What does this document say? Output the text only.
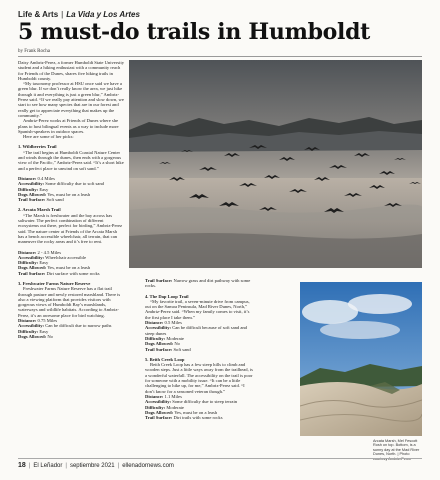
Life & Arts | La Vida y Los Artes
5 must-do trails in Humboldt
by Frank Rocha

Daisy Ambriz-Perez, a former Humboldt State University student and a hiking enthusiast with a community reach for Friends of the Dunes, shares five hiking trails in Humboldt county.

“My taxonomy professor at HSU once said we have a green blur. If we don’t really know the area, we just hike through it and everything is just a green blur,” Ambriz-Perez said. “If we really pay attention and slow down, we start to see how many species that are in our forest and really get to appreciate everything that makes up the community.”

Ambriz-Perez works at Friends of Dunes where she plans to host bilingual events as a way to include more Spanish-speakers in outdoor spaces.

Here are some of her picks:

1. Wildberries Trail

“The trail begins at Humboldt Coastal Nature Center and winds through the dunes, then ends with a gorgeous view of the Pacific,” Ambriz-Perez said. “It’s a short hike and a perfect place to unwind on soft sand.”

Distance: 0.4 Miles

Accessibility: Some difficulty due to soft sand

Difficulty: Easy

Dogs Allowed: Yes, must be on a leash

Trail Surface: Soft sand

2. Arcata Marsh Trail

“The Marsh is freshwater and the bay across has saltwater. The perfect combination of different ecosystems out there, perfect for birding,” Ambriz-Perez said. The nature center at Friends of the Arcata Marsh has a bench accessible wheelchair, all terrain, that can maneuver the rocky areas and it’s free to rent.

Distance: 2 - 4.5 Miles

Accessibility: Wheelchair accessible

Difficulty: Easy

Dogs Allowed: Yes, must be on a leash

Trail Surface: Dirt surface with some rocks

3. Freshwater Farms Nature Reserve

Freshwater Farms Nature Reserve has a flat trail through pasture and newly restored marshland. There is also a viewing platform that provides visitors with gorgeous views of Humboldt Bay’s marshlands, waterways and wildlife habitats. According to Ambriz-Perez, it’s an awesome place for bird watching.

Distance: 0.75 Miles

Accessibility: Can be difficult due to narrow paths

Difficulty: Easy

Dogs Allowed: No

Trail Surface: Narrow grass and dirt pathway with some rocks.

4. The Dap Loop Trail

“My favorite trail, a seven-minute drive from campus, out on the Samoa Peninsula, Mad River Dunes, North,” Ambriz-Perez said. “When my family comes to visit, it’s the first place I take them.”

Distance: 0.5 Miles

Accessibility: Can be difficult because of soft sand and steep dunes

Difficulty: Moderate

Dogs Allowed: No

Trail Surface: Soft sand

5. Beith Creek Loop

Beith Creek Loop has a few steep hills to climb and wooden steps. Just a little ways away from the trailhead, is a wonderful waterfall. The accessibility on the trail is poor for someone with a mobility issue. “It can be a little challenging to hike up, for me,” Ambriz-Perez said. “I don’t know for a seasoned veteran though.”

Distance: 1.1 Miles

Accessibility: Some difficulty due to steep terrain

Difficulty: Moderate

Dogs Allowed: Yes, must be on a leash

Trail Surface: Dirt trails with some rocks

Arcata Marsh, Mel Fescott Rosh on top. Bottom, is a sunny day at the Mad River Dunes, North. | Photo courtesy Ambriz-Perez
18 | El Leñador | septiembre 2021 | ellenadornews.com
